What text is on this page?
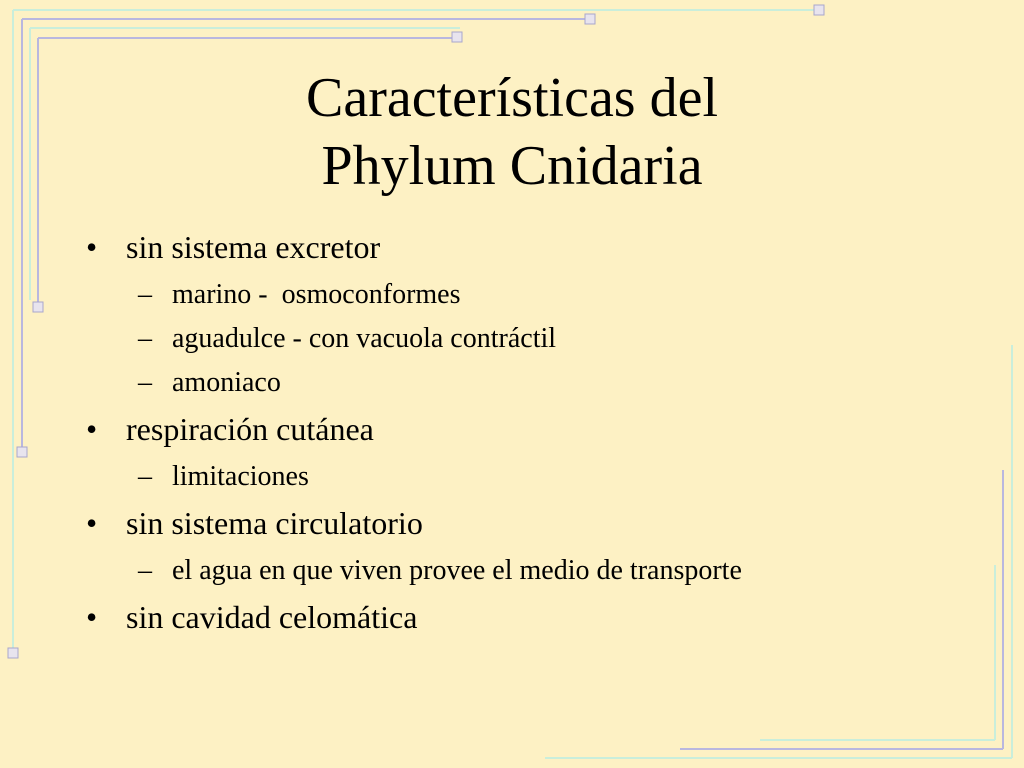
Características del
Phylum Cnidaria
• sin sistema excretor
– marino -  osmoconformes
– aguadulce - con vacuola contráctil
– amoniaco
• respiración cutánea
– limitaciones
• sin sistema circulatorio
– el agua en que viven provee el medio de transporte
• sin cavidad celomática
